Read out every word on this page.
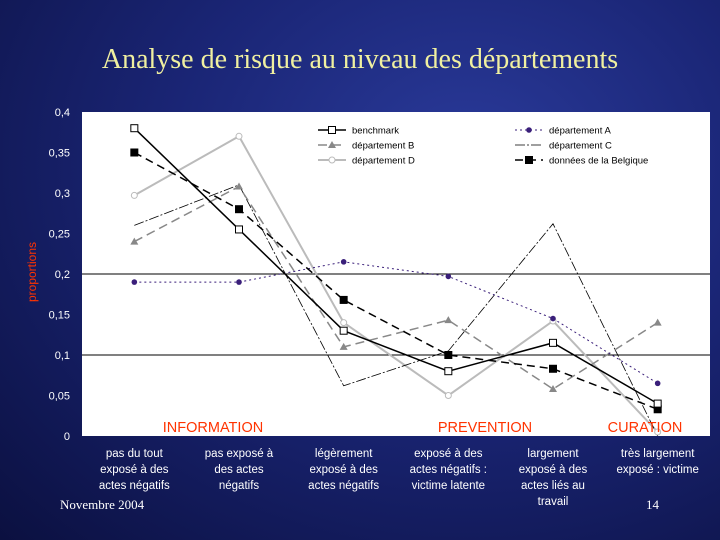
Analyse de risque au niveau des départements
0
0,05
0,1
0,15
0,2
0,25
0,3
0,35
0,4
benchmark	département A
département B	département C
département D	données de la Belgique
INFORMATION	PREVENTION	CURATION
pas du tout
exposé à des
actes négatifs
pas exposé à
des actes
négatifs
légèrement
exposé à des
actes négatifs
exposé à des
actes négatifs :
victime latente
largement
exposé à des
actes liés au
travail
très largement
exposé : victime
proportions
Novembre 2004	14
